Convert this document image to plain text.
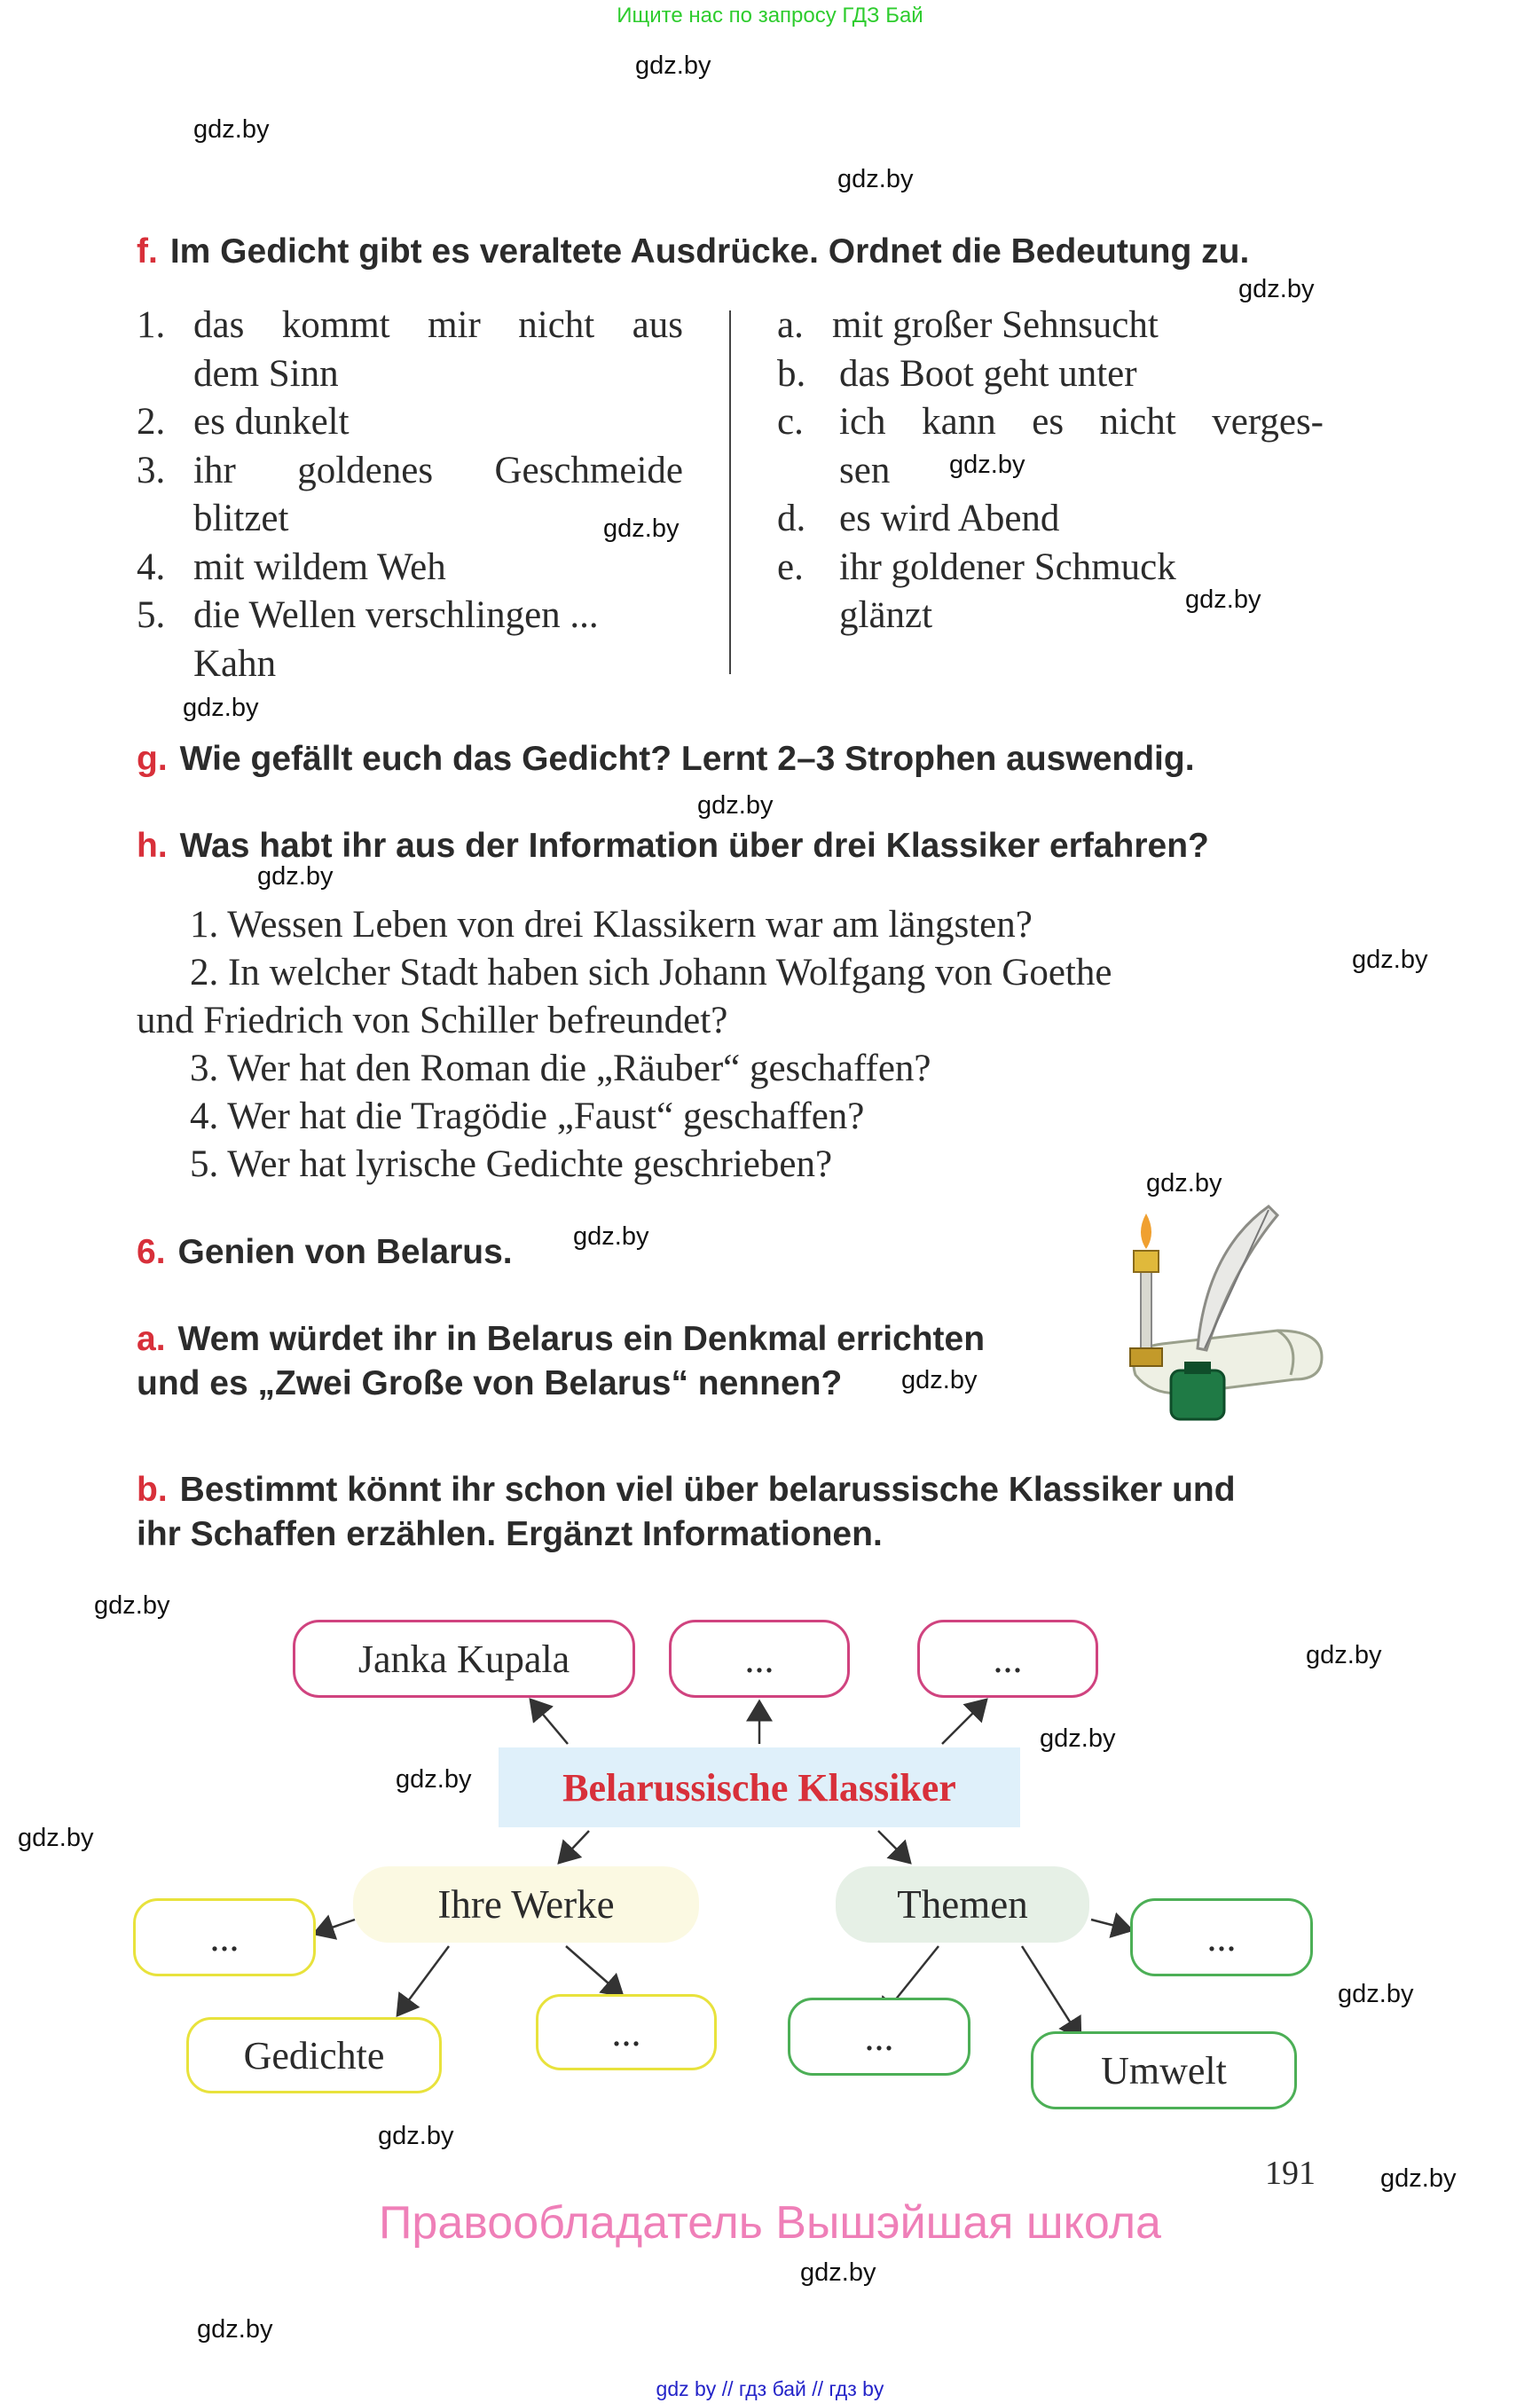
Ищите нас по запросу ГДЗ Бай
gdz.by
gdz.by
gdz.by
gdz.by
gdz.by
gdz.by
gdz.by
gdz.by
gdz.by
gdz.by
gdz.by
gdz.by
gdz.by
gdz.by
gdz.by
gdz.by
gdz.by
gdz.by
gdz.by
gdz.by
gdz.by
gdz.by
gdz.by
gdz.by
f. Im Gedicht gibt es veraltete Ausdrücke. Ordnet die Bedeutung zu.
1. das kommt mir nicht aus
dem Sinn
2. es dunkelt
3. ihr goldenes Geschmeide
blitzet
4. mit wildem Weh
5. die Wellen verschlingen ...
Kahn
a. mit großer Sehnsucht
b. das Boot geht unter
c. ich kann es nicht verges-
sen
d. es wird Abend
e. ihr goldener Schmuck
glänzt
g. Wie gefällt euch das Gedicht? Lernt 2–3 Strophen auswendig.
h. Was habt ihr aus der Information über drei Klassiker erfahren?
1. Wessen Leben von drei Klassikern war am längsten?
2. In welcher Stadt haben sich Johann Wolfgang von Goethe
und Friedrich von Schiller befreundet?
3. Wer hat den Roman die „Räuber“ geschaffen?
4. Wer hat die Tragödie „Faust“ geschaffen?
5. Wer hat lyrische Gedichte geschrieben?
6. Genien von Belarus.
a. Wem würdet ihr in Belarus ein Denkmal errichten
und es „Zwei Große von Belarus“ nennen?
b. Bestimmt könnt ihr schon viel über belarussische Klassiker und
ihr Schaffen erzählen. Ergänzt Informationen.
Janka Kupala	...	...
Belarussische Klassiker
Ihre Werke	Themen
...
Gedichte
...
...
...
Umwelt
191
Правообладатель Вышэйшая школа
gdz by // гдз бай // гдз by
